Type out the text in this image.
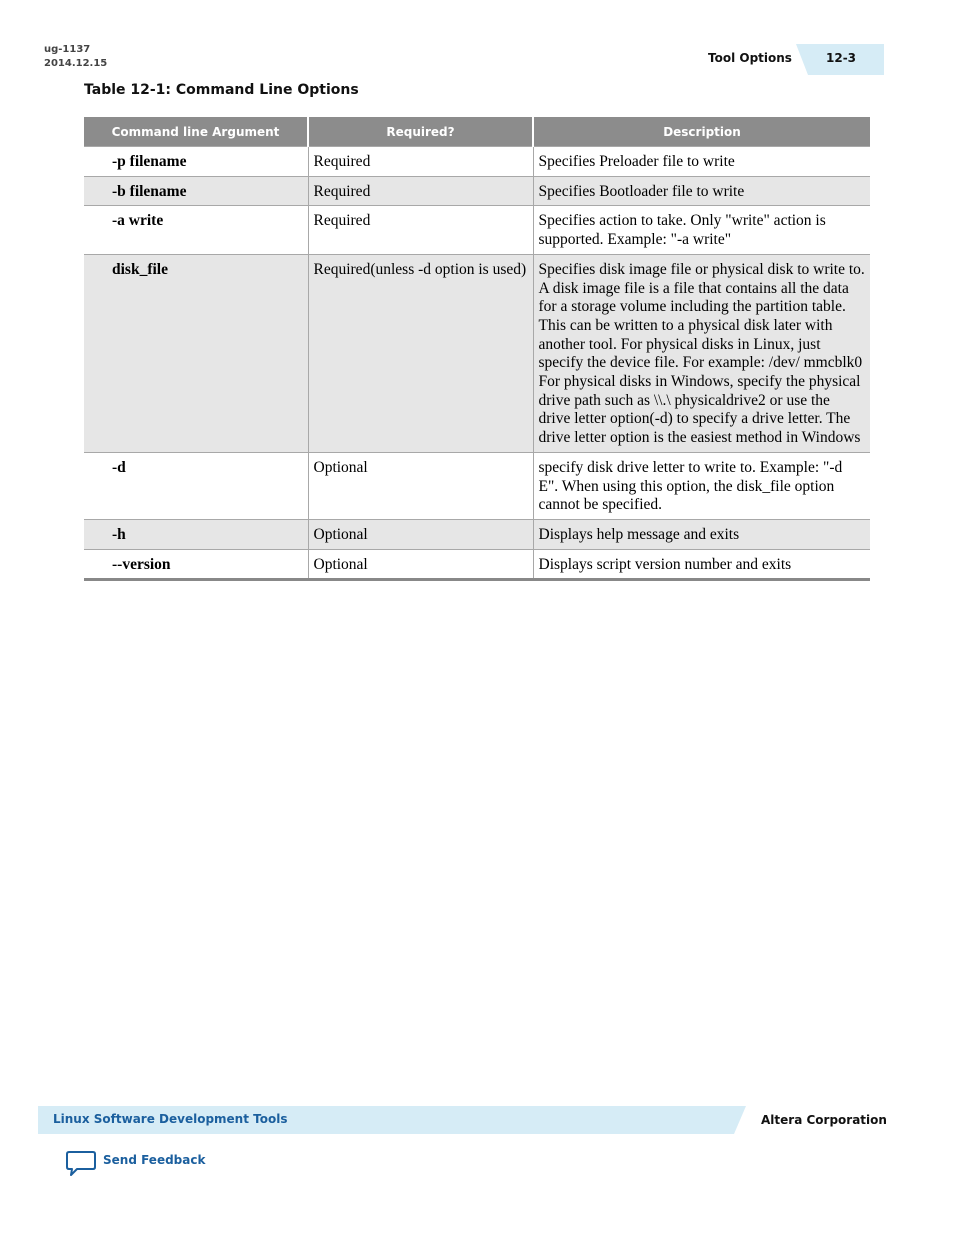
ug-1137
2014.12.15	Tool Options	12-3
Table 12-1: Command Line Options
Command line Argument	Required?	Description
-p filename	Required	Specifies Preloader file to write
-b filename	Required	Specifies Bootloader file to write
-a write	Required	Specifies action to take. Only "write" action is supported. Example: "-a write"
disk_file	Required(unless -d option is used)	Specifies disk image file or physical disk to write to. A disk image file is a file that contains all the data for a storage volume including the partition table. This can be written to a physical disk later with another tool. For physical disks in Linux, just specify the device file. For example: /dev/ mmcblk0 For physical disks in Windows, specify the physical drive path such as \\.\ physicaldrive2 or use the drive letter option(-d) to specify a drive letter. The drive letter option is the easiest method in Windows
-d	Optional	specify disk drive letter to write to. Example: "-d E". When using this option, the disk_file option cannot be specified.
-h	Optional	Displays help message and exits
--version	Optional	Displays script version number and exits
Linux Software Development Tools	Altera Corporation
Send Feedback
